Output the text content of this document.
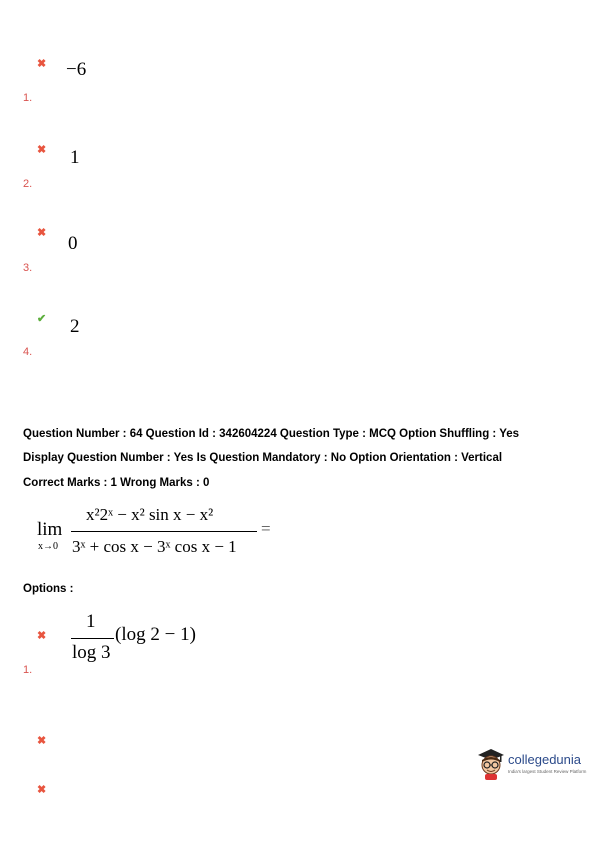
✖ −6
1.
✖ 1
2.
✖ 0
3.
✔ 2
4.
Question Number : 64 Question Id : 342604224 Question Type : MCQ Option Shuffling : Yes
Display Question Number : Yes Is Question Mandatory : No Option Orientation : Vertical
Correct Marks : 1 Wrong Marks : 0
lim
x→0
x²2ˣ − x² sin x − x²
3ˣ + cos x − 3ˣ cos x − 1
=
Options :
✖
1
log 3
(log 2 − 1)
1.
✖
✖
collegedunia
India's largest Student Review Platform
